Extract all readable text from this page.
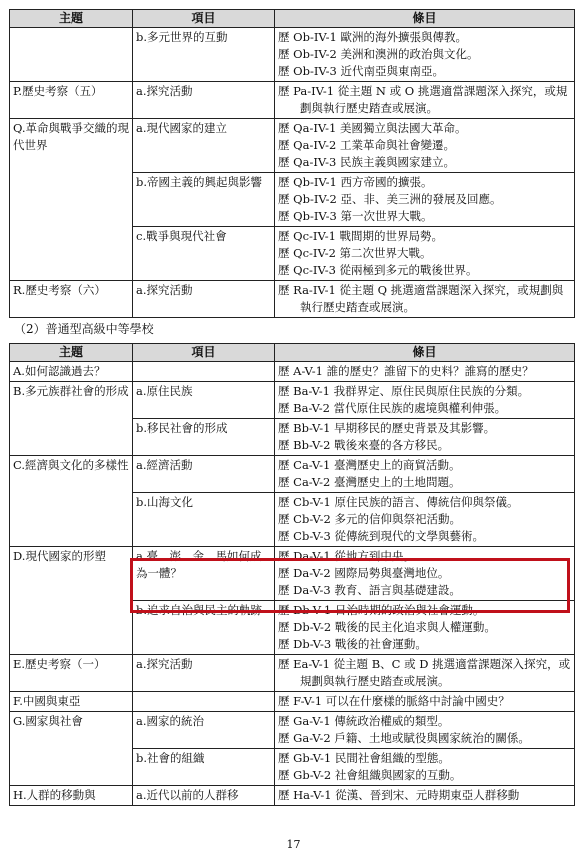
主題	項目	條目
	b.多元世界的互動	歷 Ob-IV-1 歐洲的海外擴張與傳教。
歷 Ob-IV-2 美洲和澳洲的政治與文化。
歷 Ob-IV-3 近代南亞與東南亞。

P.歷史考察（五）	a.探究活動	歷 Pa-IV-1 從主題 N 或 O 挑選適當課題深入探究，或規劃與執行歷史踏查或展演。

Q.革命與戰爭交織的現代世界	a.現代國家的建立	歷 Qa-IV-1 美國獨立與法國大革命。
歷 Qa-IV-2 工業革命與社會變遷。
歷 Qa-IV-3 民族主義與國家建立。

	b.帝國主義的興起與影響	歷 Qb-IV-1 西方帝國的擴張。
歷 Qb-IV-2 亞、非、美三洲的發展及回應。
歷 Qb-IV-3 第一次世界大戰。

	c.戰爭與現代社會	歷 Qc-IV-1 戰間期的世界局勢。
歷 Qc-IV-2 第二次世界大戰。
歷 Qc-IV-3 從兩極到多元的戰後世界。

R.歷史考察（六）	a.探究活動	歷 Ra-IV-1 從主題 Q 挑選適當課題深入探究，或規劃與執行歷史踏查或展演。
（2）普通型高級中等學校
主題	項目	條目
A.如何認識過去？		歷 A-V-1 誰的歷史？誰留下的史料？誰寫的歷史？

B.多元族群社會的形成	a.原住民族	歷 Ba-V-1 我群界定、原住民與原住民族的分類。
歷 Ba-V-2 當代原住民族的處境與權利伸張。

	b.移民社會的形成	歷 Bb-V-1 早期移民的歷史背景及其影響。
歷 Bb-V-2 戰後來臺的各方移民。

C.經濟與文化的多樣性	a.經濟活動	歷 Ca-V-1 臺灣歷史上的商貿活動。
歷 Ca-V-2 臺灣歷史上的土地問題。

	b.山海文化	歷 Cb-V-1 原住民族的語言、傳統信仰與祭儀。
歷 Cb-V-2 多元的信仰與祭祀活動。
歷 Cb-V-3 從傳統到現代的文學與藝術。

D.現代國家的形塑	a.臺、澎、金、馬如何成為一體？	歷 Da-V-1 從地方到中央。
歷 Da-V-2 國際局勢與臺灣地位。
歷 Da-V-3 教育、語言與基礎建設。

	b.追求自治與民主的軌跡	歷 Db-V-1 日治時期的政治與社會運動。
歷 Db-V-2 戰後的民主化追求與人權運動。
歷 Db-V-3 戰後的社會運動。

E.歷史考察（一）	a.探究活動	歷 Ea-V-1 從主題 B、C 或 D 挑選適當課題深入探究，或規劃與執行歷史踏查或展演。

F.中國與東亞		歷 F-V-1 可以在什麼樣的脈絡中討論中國史？

G.國家與社會	a.國家的統治	歷 Ga-V-1 傳統政治權威的類型。
歷 Ga-V-2 戶籍、土地或賦役與國家統治的關係。

	b.社會的組織	歷 Gb-V-1 民間社會組織的型態。
歷 Gb-V-2 社會組織與國家的互動。

H.人群的移動與	a.近代以前的人群移	歷 Ha-V-1 從漢、晉到宋、元時期東亞人群移動
17
